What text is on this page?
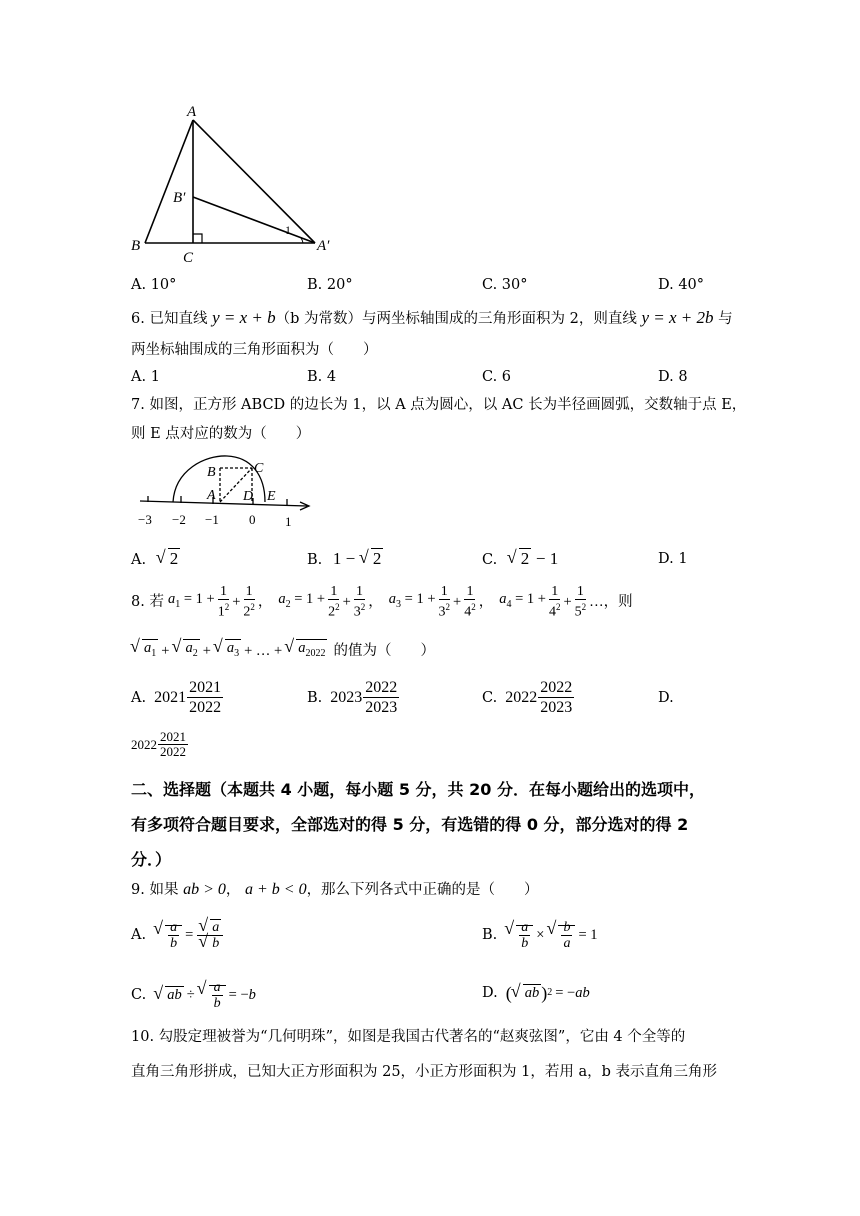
A
B′
B
C
A′
1
A. 10°	B. 20°	C. 30°	D. 40°
6. 已知直线 y = x + b（b 为常数）与两坐标轴围成的三角形面积为 2，则直线 y = x + 2b 与
两坐标轴围成的三角形面积为（　　）
A. 1	B. 4	C. 6	D. 8
7. 如图，正方形 ABCD 的边长为 1，以 A 点为圆心，以 AC 长为半径画圆弧，交数轴于点 E，
则 E 点对应的数为（　　）
B	C
A D E
−3 −2 −1 0 1
A. √ 2	B. 1 − √ 2	C. √ 2 − 1	D. 1
8. 若 $a_1 = 1 + \frac{1}{1^2} + \frac{1}{2^2}$ ， $a_2 = 1 + \frac{1}{2^2} + \frac{1}{3^2}$ ， $a_3 = 1 + \frac{1}{3^2} + \frac{1}{4^2}$ ， $a_4 = 1 + \frac{1}{4^2} + \frac{1}{5^2}$ … ，则
√ $a_1$ +	√ $a_2$ +	√ $a_3$ + … +	√ $a_{2022}$ 的值为（　　）
A. $2021 \frac{2021}{2022}$	B. $2023 \frac{2022}{2023}$	C. $2022 \frac{2022}{2023}$	D.
$2022 \frac{2021}{2022}$
二、选择题（本题共 4 小题，每小题 5 分，共 20 分．在每小题给出的选项中，
有多项符合题目要求，全部选对的得 5 分，有选错的得 0 分，部分选对的得 2
分．）
9. 如果 ab > 0， a + b < 0，那么下列各式中正确的是（　　）
A. √ $\frac{a}{b}$ = √ a
√ b	B. √ $\frac{a}{b}$ × √ $\frac{b}{a} = 1$
C.	√ ab ÷ √ $\frac{a}{b} = -b$	D. ( √ ab ) 2 = −ab
10. 勾股定理被誉为“几何明珠”，如图是我国古代著名的“赵爽弦图”，它由 4 个全等的
直角三角形拼成，已知大正方形面积为 25，小正方形面积为 1，若用 a，b 表示直角三角形
